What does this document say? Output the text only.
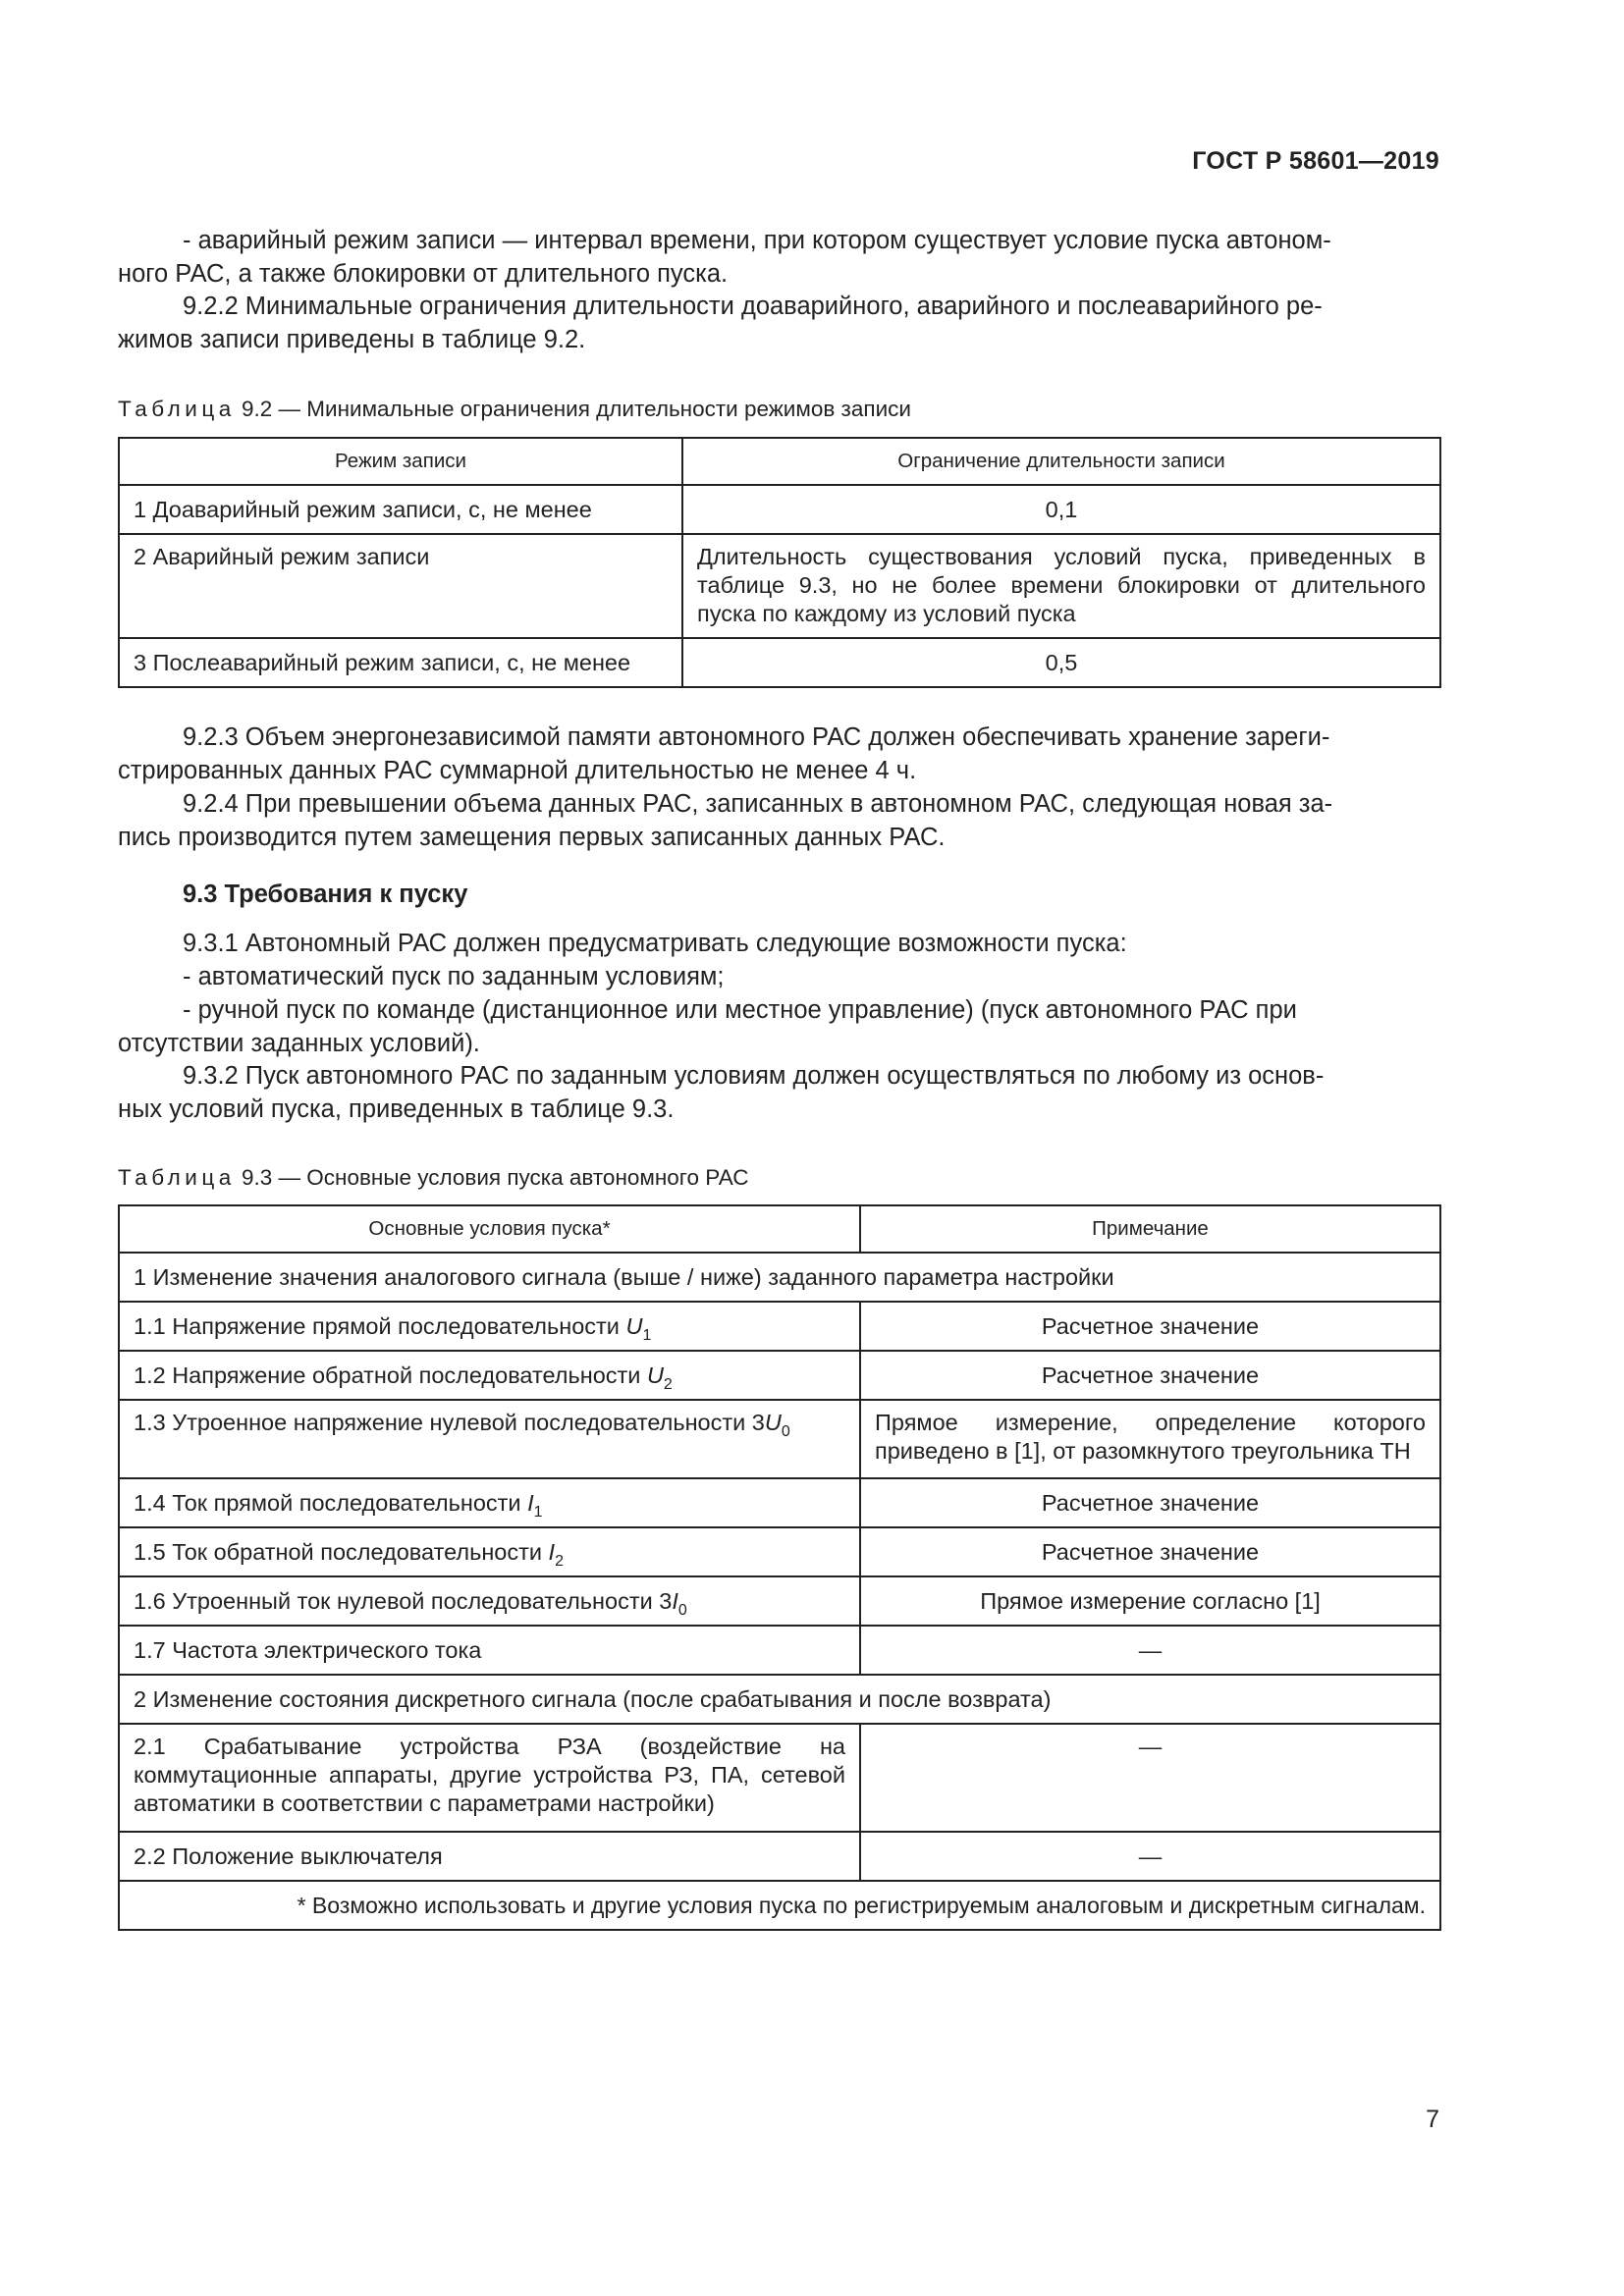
ГОСТ Р 58601—2019

- аварийный режим записи — интервал времени, при котором существует условие пуска автоном-
ного РАС, а также блокировки от длительного пуска.

9.2.2 Минимальные ограничения длительности доаварийного, аварийного и послеаварийного ре-
жимов записи приведены в таблице 9.2.

Таблица 9.2 — Минимальные ограничения длительности режимов записи

Режим записи	Ограничение длительности записи
1 Доаварийный режим записи, с, не менее	0,1
2 Аварийный режим записи	Длительность существования условий пуска, приведенных в таблице 9.3, но не более времени блокировки от длительного пуска по каждому из условий пуска
3 Послеаварийный режим записи, с, не менее	0,5

9.2.3 Объем энергонезависимой памяти автономного РАС должен обеспечивать хранение зареги-
стрированных данных РАС суммарной длительностью не менее 4 ч.

9.2.4 При превышении объема данных РАС, записанных в автономном РАС, следующая новая за-
пись производится путем замещения первых записанных данных РАС.

9.3 Требования к пуску

9.3.1 Автономный РАС должен предусматривать следующие возможности пуска:

- автоматический пуск по заданным условиям;

- ручной пуск по команде (дистанционное или местное управление) (пуск автономного РАС при
отсутствии заданных условий).

9.3.2 Пуск автономного РАС по заданным условиям должен осуществляться по любому из основ-
ных условий пуска, приведенных в таблице 9.3.

Таблица 9.3 — Основные условия пуска автономного РАС

Основные условия пуска*	Примечание
1 Изменение значения аналогового сигнала (выше / ниже) заданного параметра настройки	
1.1 Напряжение прямой последовательности $U_1$	Расчетное значение
1.2 Напряжение обратной последовательности $U_2$	Расчетное значение
1.3 Утроенное напряжение нулевой последовательности $3U_0$	Прямое измерение, определение которого приведено в [1], от разомкнутого треугольника ТН
1.4 Ток прямой последовательности $I_1$	Расчетное значение
1.5 Ток обратной последовательности $I_2$	Расчетное значение
1.6 Утроенный ток нулевой последовательности $3I_0$	Прямое измерение согласно [1]
1.7 Частота электрического тока	—
2 Изменение состояния дискретного сигнала (после срабатывания и после возврата)	
2.1 Срабатывание устройства РЗА (воздействие на коммутационные аппараты, другие устройства РЗ, ПА, сетевой автоматики в соответствии с параметрами настройки)	—
2.2 Положение выключателя	—
* Возможно использовать и другие условия пуска по регистрируемым аналоговым и дискретным сигналам.	
7
